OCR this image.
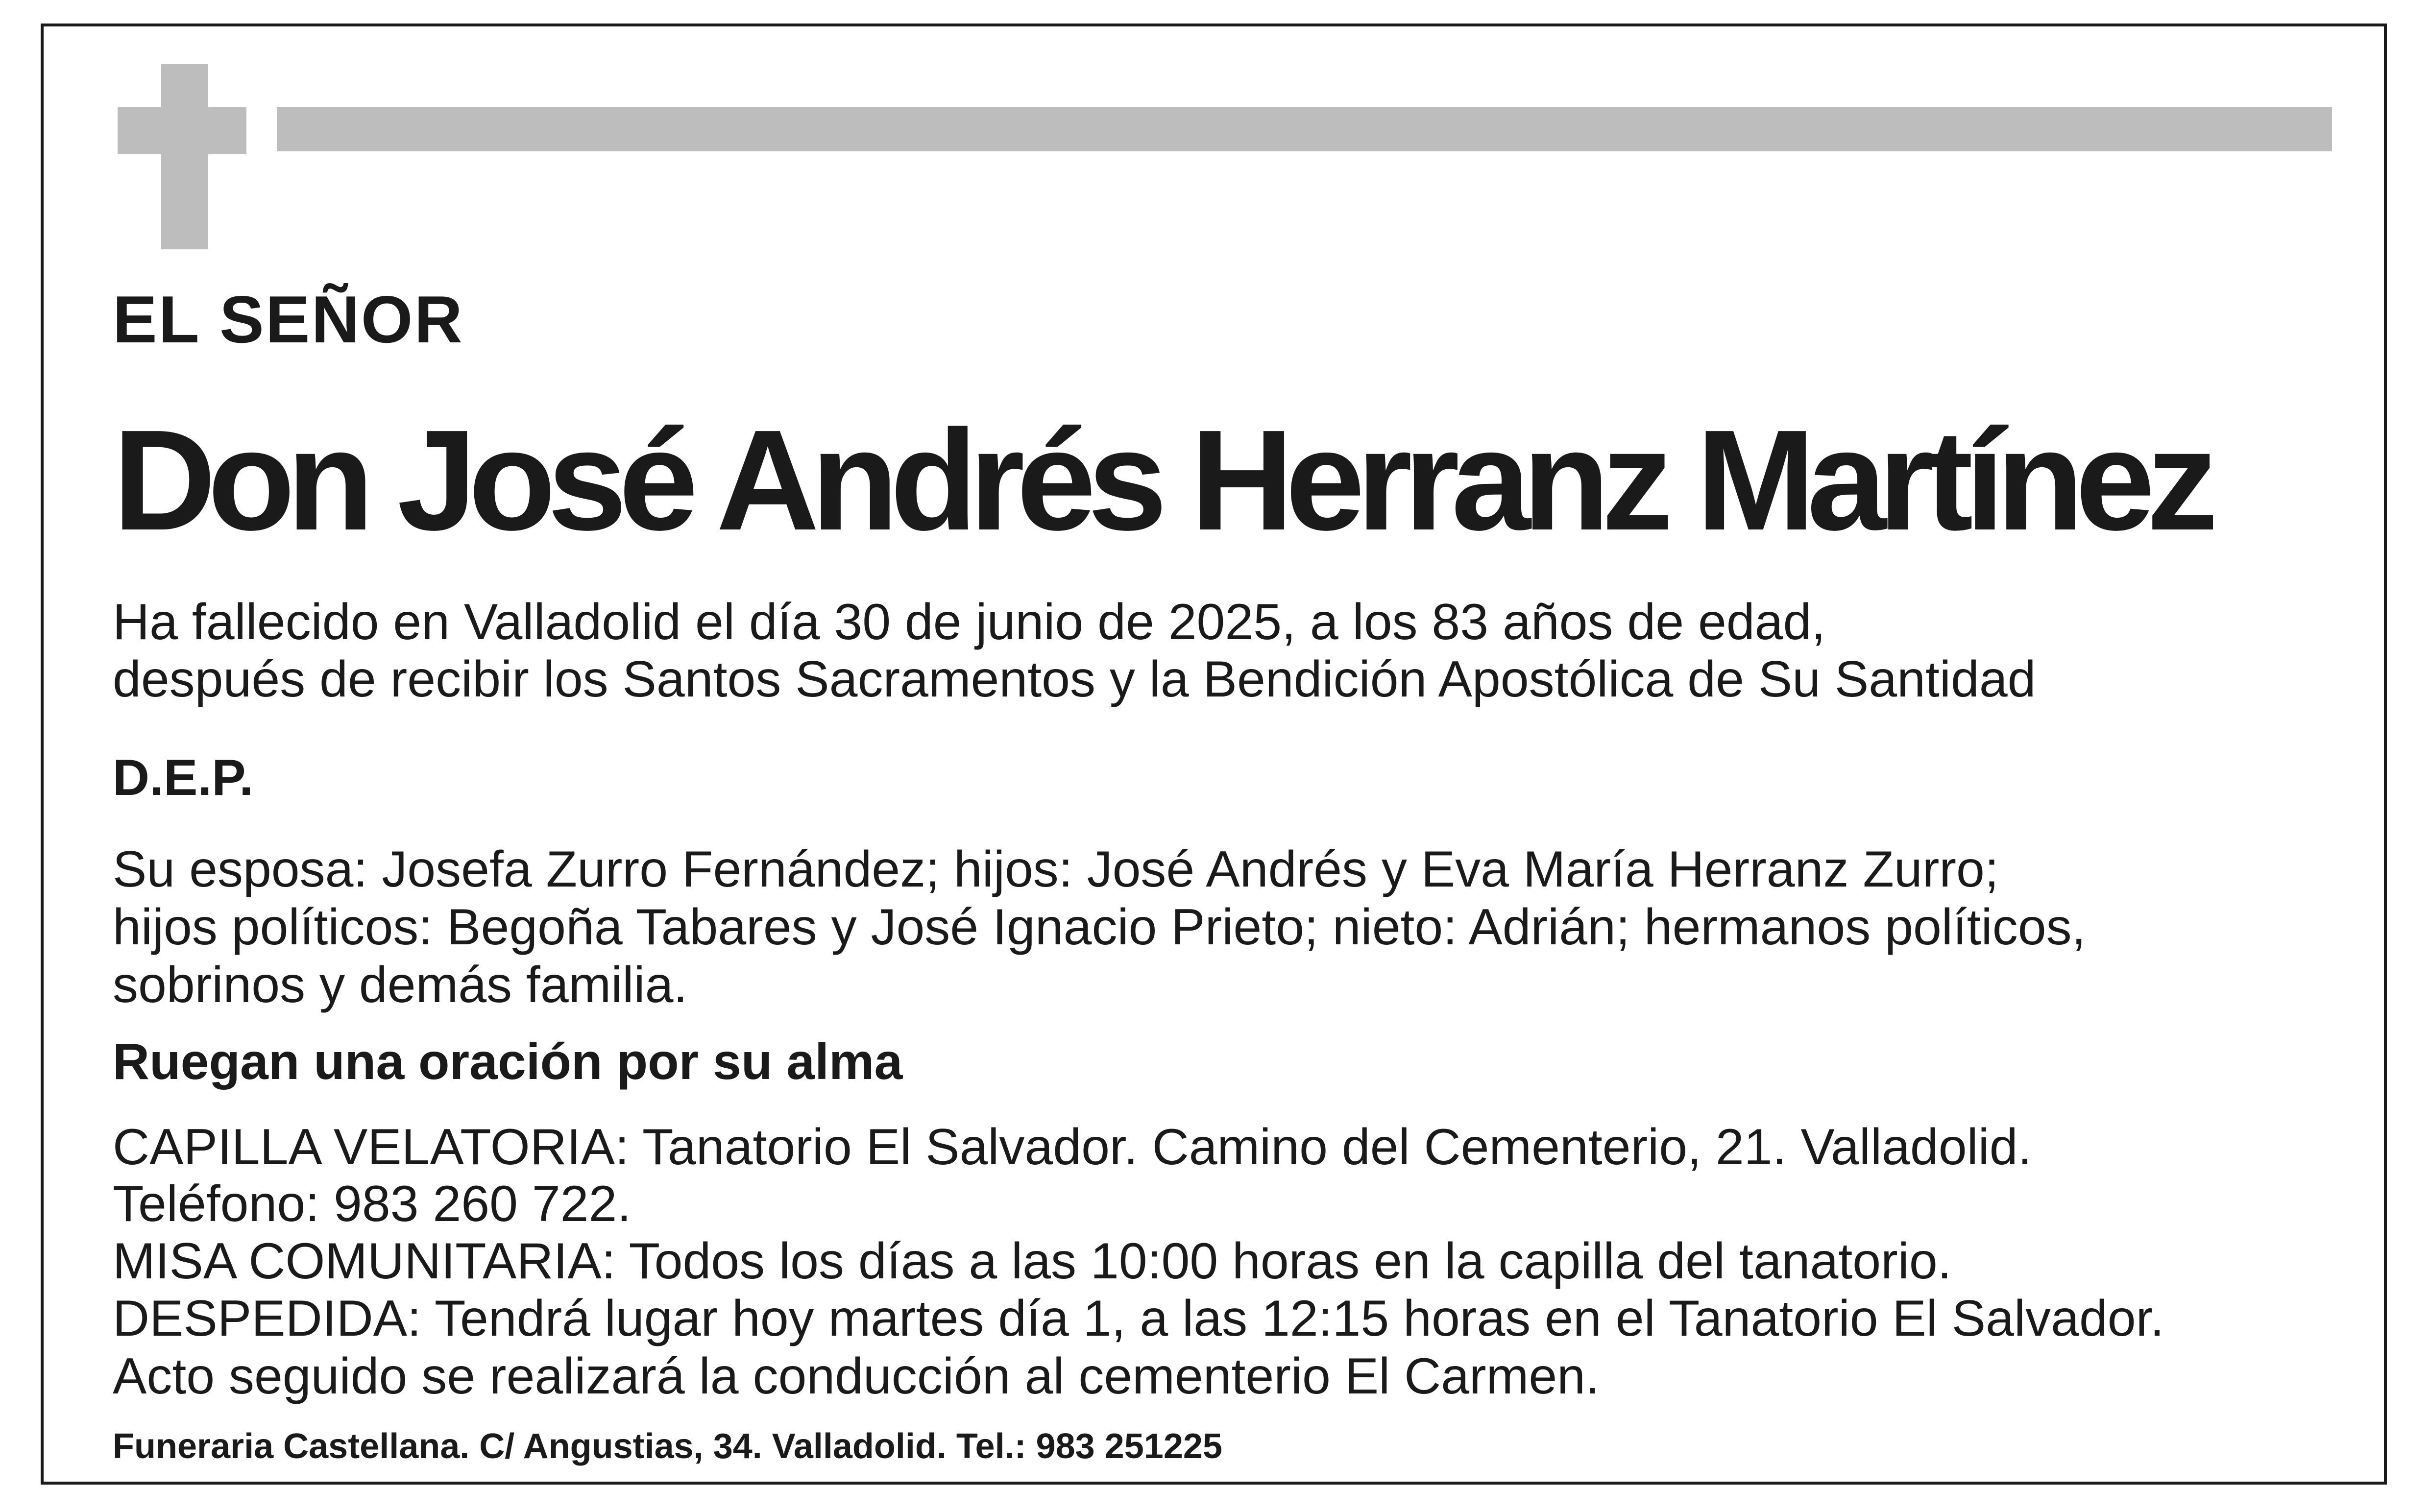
EL SEÑOR

Don José Andrés Herranz Martínez

Ha fallecido en Valladolid el día 30 de junio de 2025, a los 83 años de edad,

después de recibir los Santos Sacramentos y la Bendición Apostólica de Su Santidad

D.E.P.

Su esposa: Josefa Zurro Fernández; hijos: José Andrés y Eva María Herranz Zurro;

hijos políticos: Begoña Tabares y José Ignacio Prieto; nieto: Adrián; hermanos políticos,

sobrinos y demás familia.

Ruegan una oración por su alma

CAPILLA VELATORIA: Tanatorio El Salvador. Camino del Cementerio, 21. Valladolid.

Teléfono: 983 260 722.

MISA COMUNITARIA: Todos los días a las 10:00 horas en la capilla del tanatorio.

DESPEDIDA: Tendrá lugar hoy martes día 1, a las 12:15 horas en el Tanatorio El Salvador.

Acto seguido se realizará la conducción al cementerio El Carmen.

Funeraria Castellana. C/ Angustias, 34. Valladolid. Tel.: 983 251225
